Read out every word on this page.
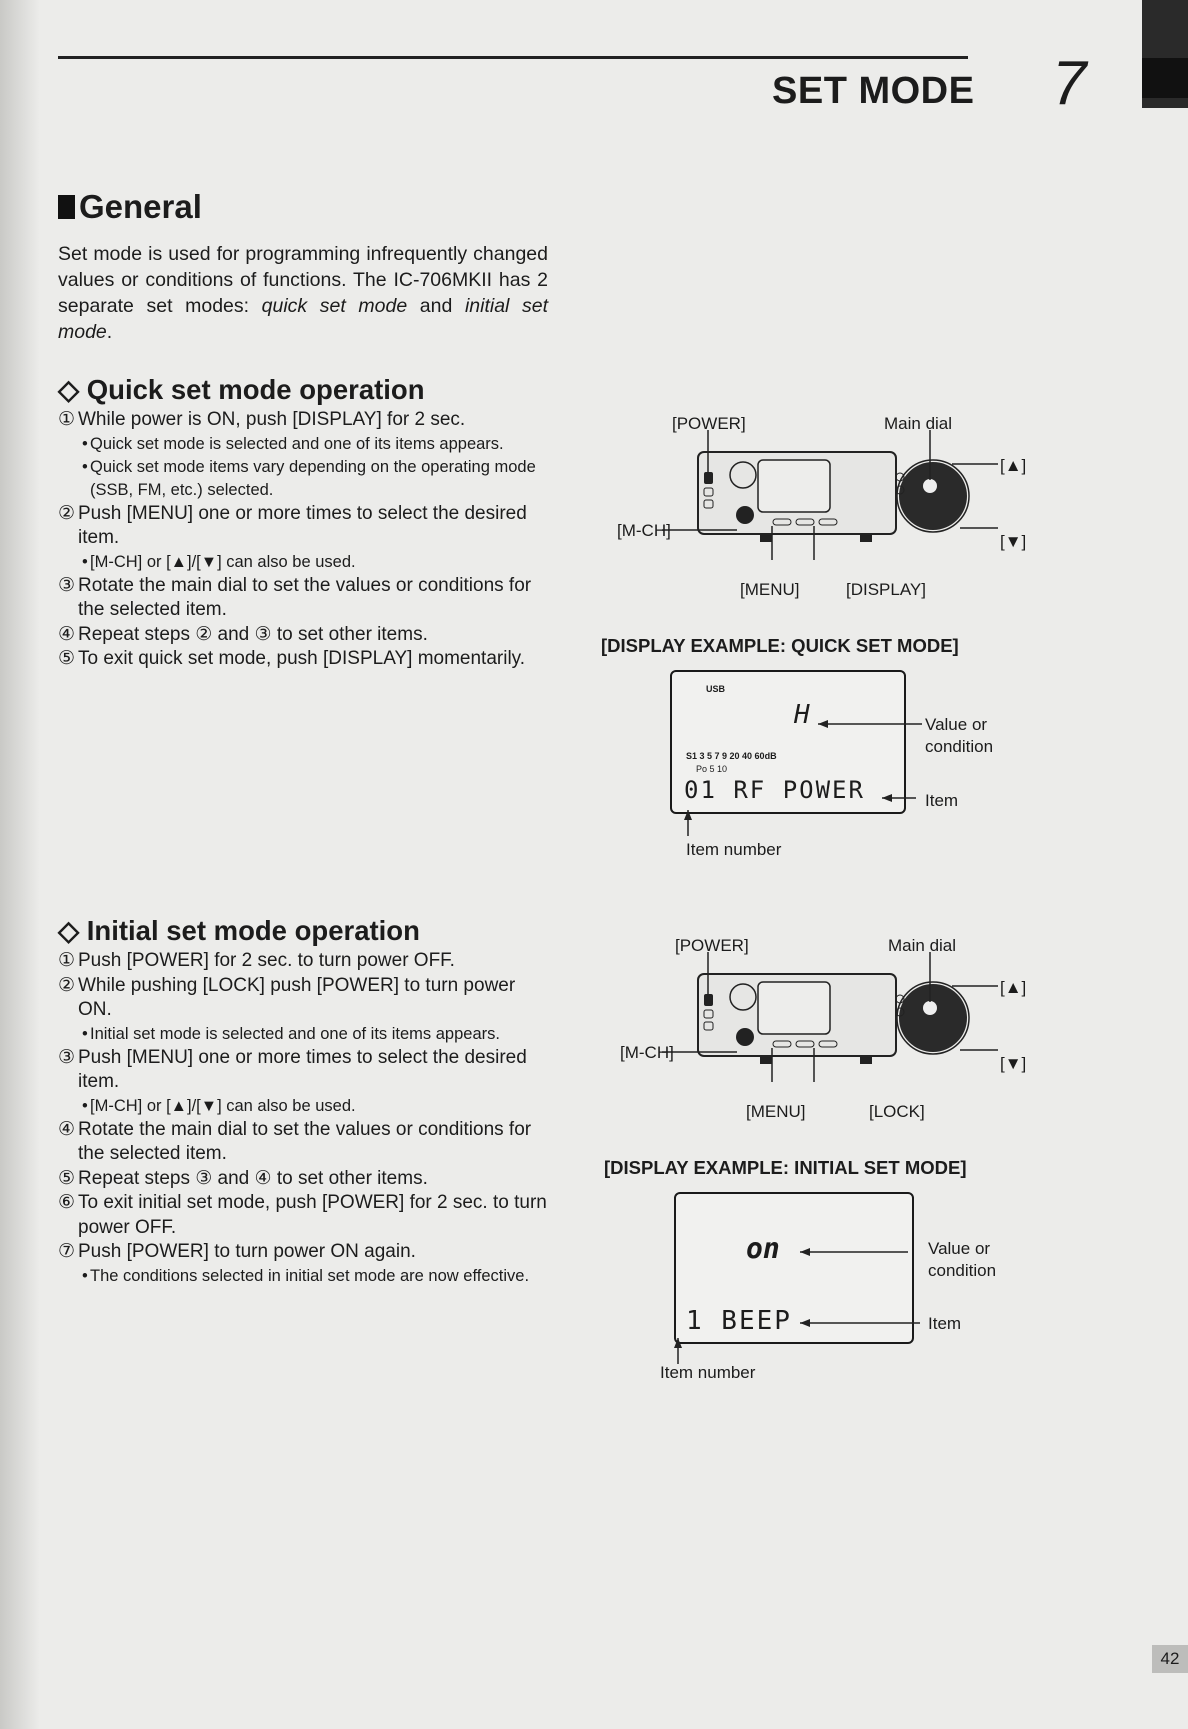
SET MODE 7
42
General
Set mode is used for programming infrequently changed values or conditions of functions. The IC-706MKII has 2 separate set modes: quick set mode and initial set mode.
◇ Quick set mode operation
① While power is ON, push [DISPLAY] for 2 sec.
• Quick set mode is selected and one of its items appears.
• Quick set mode items vary depending on the operating mode (SSB, FM, etc.) selected.
② Push [MENU] one or more times to select the desired item.
• [M-CH] or [▲]/[▼] can also be used.
③ Rotate the main dial to set the values or conditions for the selected item.
④ Repeat steps ② and ③ to set other items.
⑤ To exit quick set mode, push [DISPLAY] momentarily.
◇ Initial set mode operation
① Push [POWER] for 2 sec. to turn power OFF.
② While pushing [LOCK] push [POWER] to turn power ON.
• Initial set mode is selected and one of its items appears.
③ Push [MENU] one or more times to select the desired item.
• [M-CH] or [▲]/[▼] can also be used.
④ Rotate the main dial to set the values or conditions for the selected item.
⑤ Repeat steps ③ and ④ to set other items.
⑥ To exit initial set mode, push [POWER] for 2 sec. to turn power OFF.
⑦ Push [POWER] to turn power ON again.
• The conditions selected in initial set mode are now effective.
[POWER]	Main dial
[▲]
[▼]
[M-CH]
[MENU]	[DISPLAY]
[DISPLAY EXAMPLE: QUICK SET MODE]
USB
H
S1 3 5 7 9 20 40 60dB
Po 5 10
01 RF POWER
Value or condition
Item
Item number
[POWER]	Main dial
[▲]
[▼]
[M-CH]
[MENU]	[LOCK]
[DISPLAY EXAMPLE: INITIAL SET MODE]
on
1 BEEP
Value or condition
Item
Item number
